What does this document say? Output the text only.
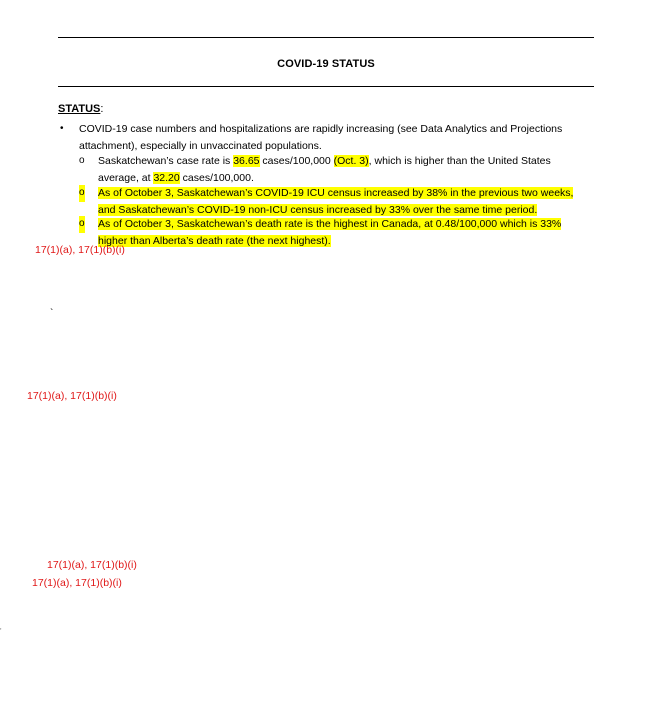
COVID-19 STATUS
STATUS:
• COVID-19 case numbers and hospitalizations are rapidly increasing (see Data Analytics and Projections attachment), especially in unvaccinated populations.
o Saskatchewan’s case rate is 36.65 cases/100,000 (Oct. 3), which is higher than the United States average, at 32.20 cases/100,000.
o As of October 3, Saskatchewan’s COVID-19 ICU census increased by 38% in the previous two weeks, and Saskatchewan’s COVID-19 non-ICU census increased by 33% over the same time period.
o As of October 3, Saskatchewan’s death rate is the highest in Canada, at 0.48/100,000 which is 33% higher than Alberta’s death rate (the next highest).
17(1)(a), 17(1)(b)(i)
`
17(1)(a), 17(1)(b)(i)
17(1)(a), 17(1)(b)(i)
17(1)(a), 17(1)(b)(i)
'
